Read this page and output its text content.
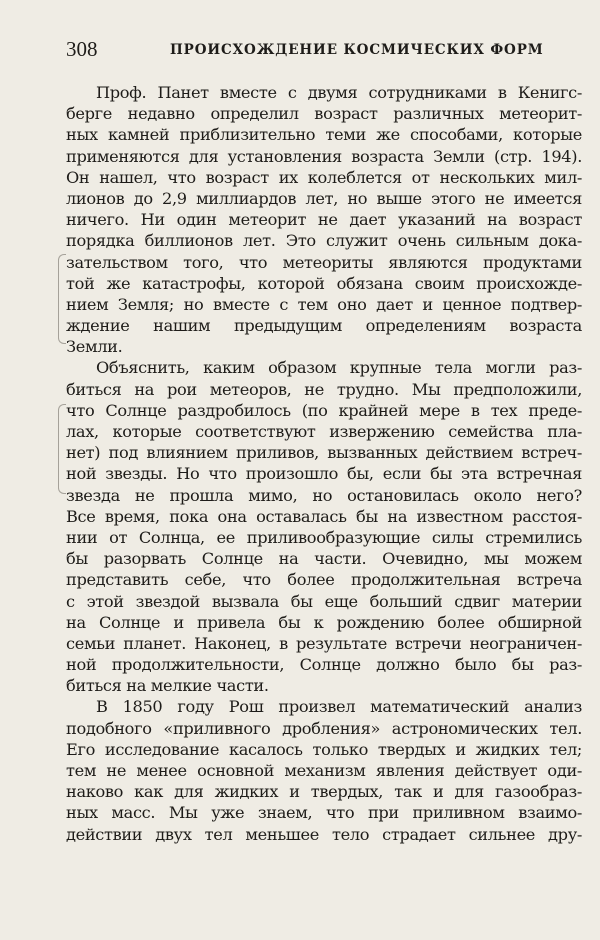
308	ПРОИСХОЖДЕНИЕ КОСМИЧЕСКИХ ФОРМ
Проф. Панет вместе с двумя сотрудниками в Кенигс-
берге недавно определил возраст различных метеорит-
ных камней приблизительно теми же способами, которые
применяются для установления возраста Земли (стр. 194).
Он нашел, что возраст их колеблется от нескольких мил-
лионов до 2,9 миллиардов лет, но выше этого не имеется
ничего. Ни один метеорит не дает указаний на возраст
порядка биллионов лет. Это служит очень сильным дока-
зательством того, что метеориты являются продуктами
той же катастрофы, которой обязана своим происхожде-
нием Земля; но вместе с тем оно дает и ценное подтвер-
ждение нашим предыдущим определениям возраста
Земли.
Объяснить, каким образом крупные тела могли раз-
биться на рои метеоров, не трудно. Мы предположили,
что Солнце раздробилось (по крайней мере в тех преде-
лах, которые соответствуют извержению семейства пла-
нет) под влиянием приливов, вызванных действием встреч-
ной звезды. Но что произошло бы, если бы эта встречная
звезда не прошла мимо, но остановилась около него?
Все время, пока она оставалась бы на известном расстоя-
нии от Солнца, ее приливообразующие силы стремились
бы разорвать Солнце на части. Очевидно, мы можем
представить себе, что более продолжительная встреча
с этой звездой вызвала бы еще больший сдвиг материи
на Солнце и привела бы к рождению более обширной
семьи планет. Наконец, в результате встречи неограничен-
ной продолжительности, Солнце должно было бы раз-
биться на мелкие части.
В 1850 году Рош произвел математический анализ
подобного «приливного дробления» астрономических тел.
Его исследование касалось только твердых и жидких тел;
тем не менее основной механизм явления действует оди-
наково как для жидких и твердых, так и для газообраз-
ных масс. Мы уже знаем, что при приливном взаимо-
действии двух тел меньшее тело страдает сильнее дру-
